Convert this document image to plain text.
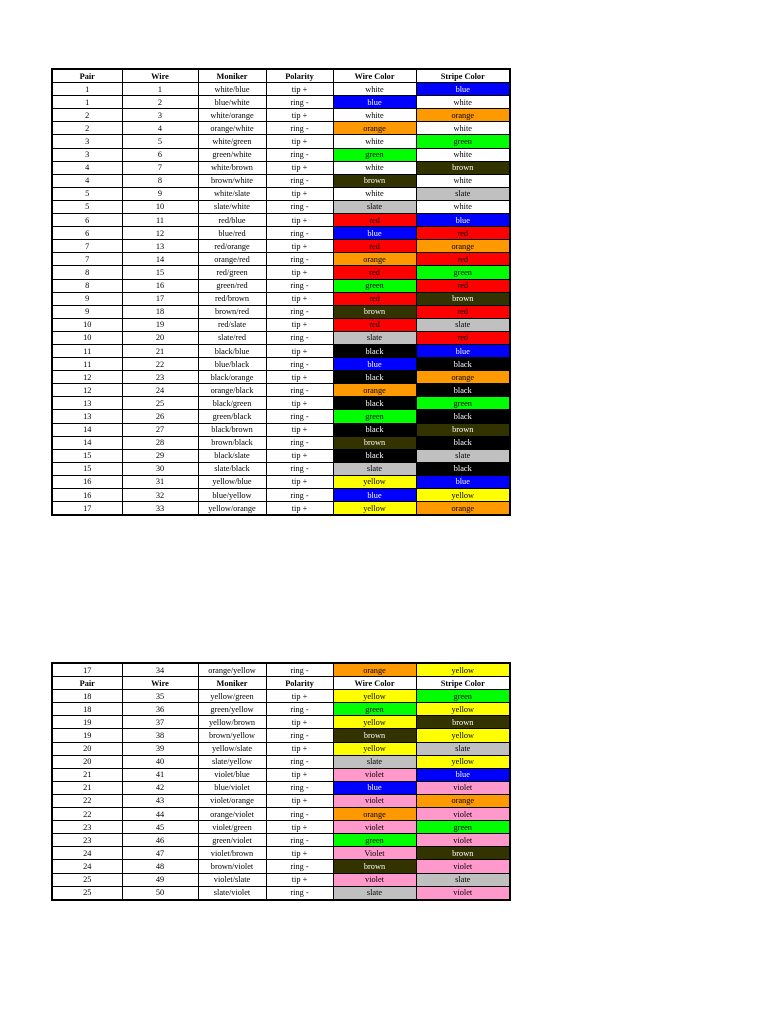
Pair	Wire	Moniker	Polarity	Wire Color	Stripe Color
1	1	white/blue	tip +	white	blue
1	2	blue/white	ring -	blue	white
2	3	white/orange	tip +	white	orange
2	4	orange/white	ring -	orange	white
3	5	white/green	tip +	white	green
3	6	green/white	ring -	green	white
4	7	white/brown	tip +	white	brown
4	8	brown/white	ring -	brown	white
5	9	white/slate	tip +	white	slate
5	10	slate/white	ring -	slate	white
6	11	red/blue	tip +	red	blue
6	12	blue/red	ring -	blue	red
7	13	red/orange	tip +	red	orange
7	14	orange/red	ring -	orange	red
8	15	red/green	tip +	red	green
8	16	green/red	ring -	green	red
9	17	red/brown	tip +	red	brown
9	18	brown/red	ring -	brown	red
10	19	red/slate	tip +	red	slate
10	20	slate/red	ring -	slate	red
11	21	black/blue	tip +	black	blue
11	22	blue/black	ring -	blue	black
12	23	black/orange	tip +	black	orange
12	24	orange/black	ring -	orange	black
13	25	black/green	tip +	black	green
13	26	green/black	ring -	green	black
14	27	black/brown	tip +	black	brown
14	28	brown/black	ring -	brown	black
15	29	black/slate	tip +	black	slate
15	30	slate/black	ring -	slate	black
16	31	yellow/blue	tip +	yellow	blue
16	32	blue/yellow	ring -	blue	yellow
17	33	yellow/orange	tip +	yellow	orange
17	34	orange/yellow	ring -	orange	yellow
Pair	Wire	Moniker	Polarity	Wire Color	Stripe Color
18	35	yellow/green	tip +	yellow	green
18	36	green/yellow	ring -	green	yellow
19	37	yellow/brown	tip +	yellow	brown
19	38	brown/yellow	ring -	brown	yellow
20	39	yellow/slate	tip +	yellow	slate
20	40	slate/yellow	ring -	slate	yellow
21	41	violet/blue	tip +	violet	blue
21	42	blue/violet	ring -	blue	violet
22	43	violet/orange	tip +	violet	orange
22	44	orange/violet	ring -	orange	violet
23	45	violet/green	tip +	violet	green
23	46	green/violet	ring -	green	violet
24	47	violet/brown	tip +	Violet	brown
24	48	brown/violet	ring -	brown	violet
25	49	violet/slate	tip +	violet	slate
25	50	slate/violet	ring -	slate	violet
